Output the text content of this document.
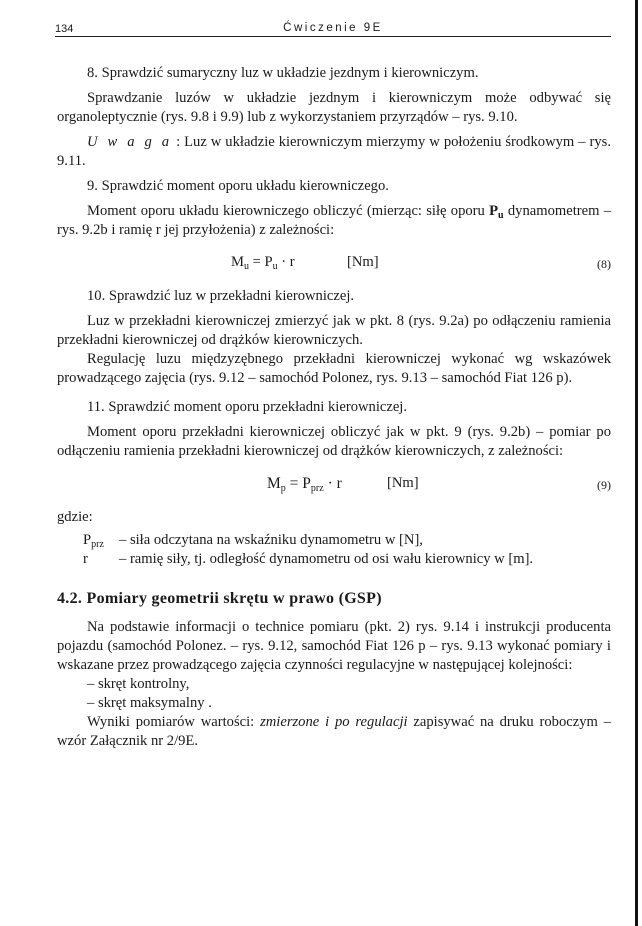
134	Ćwiczenie 9E

8. Sprawdzić sumaryczny luz w układzie jezdnym i kierowniczym.

Sprawdzanie luzów w układzie jezdnym i kierowniczym może odbywać się organoleptycznie (rys. 9.8 i 9.9) lub z wykorzystaniem przyrządów – rys. 9.10.

U w a g a : Luz w układzie kierowniczym mierzymy w położeniu środkowym – rys. 9.11.

9. Sprawdzić moment oporu układu kierowniczego.

Moment oporu układu kierowniczego obliczyć (mierząc: siłę oporu $P_u$ dynamometrem – rys. 9.2b i ramię r jej przyłożenia) z zależności:

$M_u = P_u \cdot r$	[Nm]	(8)

10. Sprawdzić luz w przekładni kierowniczej.

Luz w przekładni kierowniczej zmierzyć jak w pkt. 8 (rys. 9.2a) po odłączeniu ramienia przekładni kierowniczej od drążków kierowniczych.

Regulację luzu międzyzębnego przekładni kierowniczej wykonać wg wskazówek prowadzącego zajęcia (rys. 9.12 – samochód Polonez, rys. 9.13 – samochód Fiat 126 p).

11. Sprawdzić moment oporu przekładni kierowniczej.

Moment oporu przekładni kierowniczej obliczyć jak w pkt. 9 (rys. 9.2b) – pomiar po odłączeniu ramienia przekładni kierowniczej od drążków kierowniczych, z zależności:

$M_p = P_{prz} \cdot r$	[Nm]	(9)

gdzie:

$P_{prz}$ – siła odczytana na wskaźniku dynamometru w [N],
r – ramię siły, tj. odległość dynamometru od osi wału kierownicy w [m].
4.2. Pomiary geometrii skrętu w prawo (GSP)

Na podstawie informacji o technice pomiaru (pkt. 2) rys. 9.14 i instrukcji producenta pojazdu (samochód Polonez. – rys. 9.12, samochód Fiat 126 p – rys. 9.13 wykonać pomiary i wskazane przez prowadzącego zajęcia czynności regulacyjne w następującej kolejności:

– skręt kontrolny,

– skręt maksymalny .

Wyniki pomiarów wartości: zmierzone i po regulacji zapisywać na druku roboczym – wzór Załącznik nr 2/9E.
